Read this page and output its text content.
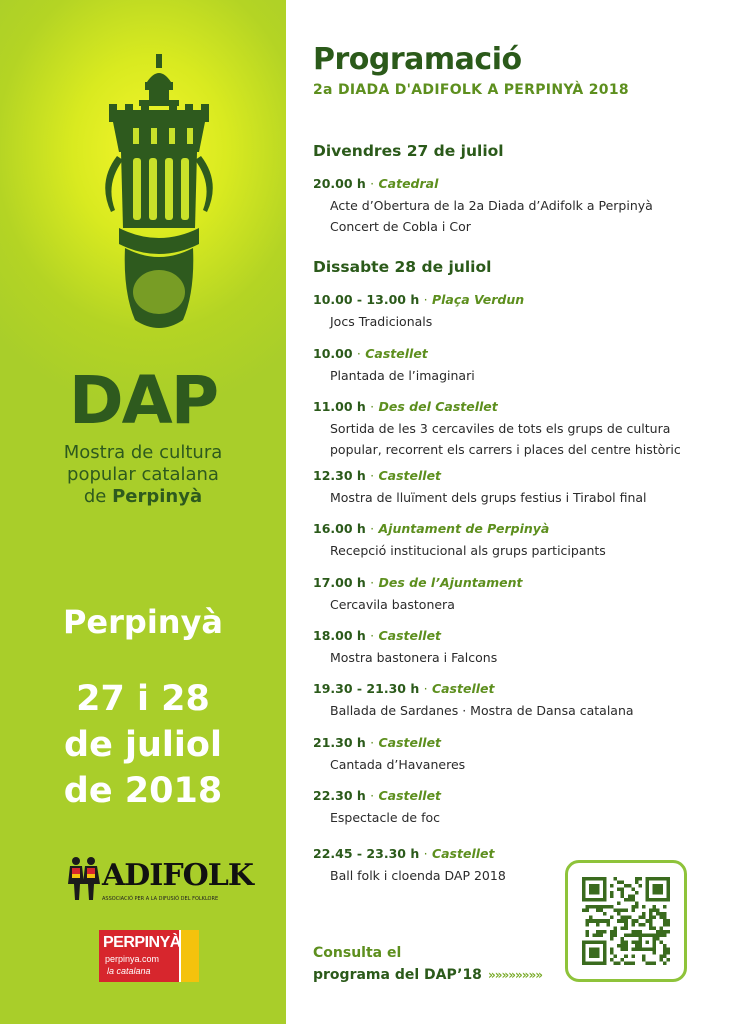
DAP
Mostra de cultura
popular catalana
de Perpinyà
Perpinyà
27 i 28
de juliol
de 2018
ADIFOLK
ASSOCIACIÓ PER A LA DIFUSIÓ DEL FOLKLORE
PERPINYÀ
perpinya.com
la catalana
Programació
2a DIADA D'ADIFOLK A PERPINYÀ 2018
Divendres 27 de juliol
20.00 h · Catedral
Acte d’Obertura de la 2a Diada d’Adifolk a Perpinyà
Concert de Cobla i Cor
Dissabte 28 de juliol
10.00 - 13.00 h · Plaça Verdun
Jocs Tradicionals
10.00 · Castellet
Plantada de l’imaginari
11.00 h · Des del Castellet
Sortida de les 3 cercaviles de tots els grups de cultura
popular, recorrent els carrers i places del centre històric
12.30 h · Castellet
Mostra de lluïment dels grups festius i Tirabol final
16.00 h · Ajuntament de Perpinyà
Recepció institucional als grups participants
17.00 h · Des de l’Ajuntament
Cercavila bastonera
18.00 h · Castellet
Mostra bastonera i Falcons
19.30 - 21.30 h · Castellet
Ballada de Sardanes · Mostra de Dansa catalana
21.30 h · Castellet
Cantada d’Havaneres
22.30 h · Castellet
Espectacle de foc
22.45 - 23.30 h · Castellet
Ball folk i cloenda DAP 2018
Consulta el
programa del DAP’18 »»»»»»»»
